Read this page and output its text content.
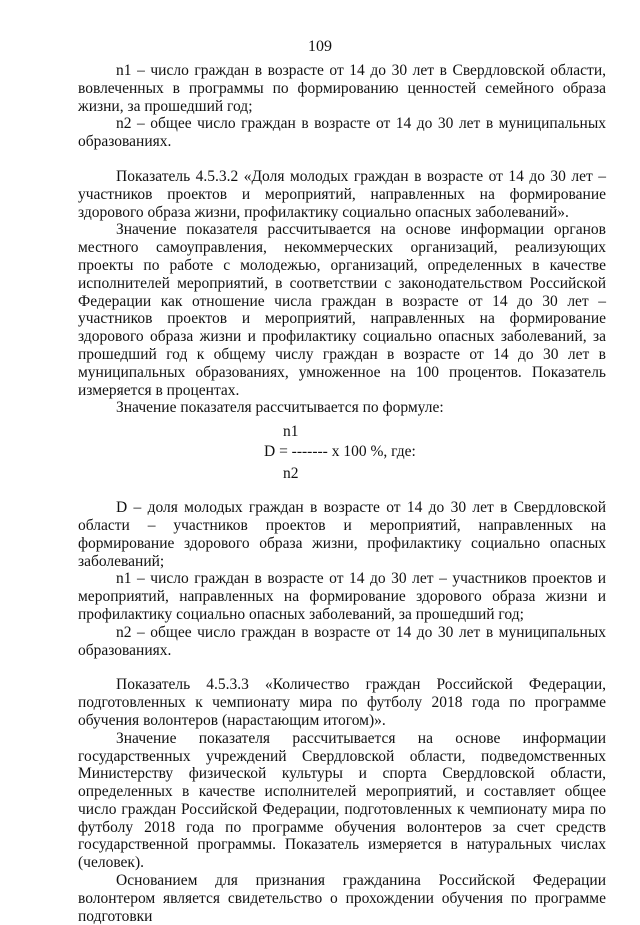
109

n1 – число граждан в возрасте от 14 до 30 лет в Свердловской области, вовлеченных в программы по формированию ценностей семейного образа жизни, за прошедший год;

n2 – общее число граждан в возрасте от 14 до 30 лет в муниципальных образованиях.

Показатель 4.5.3.2 «Доля молодых граждан в возрасте от 14 до 30 лет – участников проектов и мероприятий, направленных на формирование здорового образа жизни, профилактику социально опасных заболеваний».

Значение показателя рассчитывается на основе информации органов местного самоуправления, некоммерческих организаций, реализующих проекты по работе с молодежью, организаций, определенных в качестве исполнителей мероприятий, в соответствии с законодательством Российской Федерации как отношение числа граждан в возрасте от 14 до 30 лет – участников проектов и мероприятий, направленных на формирование здорового образа жизни и профилактику социально опасных заболеваний, за прошедший год к общему числу граждан в возрасте от 14 до 30 лет в муниципальных образованиях, умноженное на 100 процентов. Показатель измеряется в процентах.

Значение показателя рассчитывается по формуле:

n1
D = ------- x 100 %, где:
n2

D – доля молодых граждан в возрасте от 14 до 30 лет в Свердловской области – участников проектов и мероприятий, направленных на формирование здорового образа жизни, профилактику социально опасных заболеваний;

n1 – число граждан в возрасте от 14 до 30 лет – участников проектов и мероприятий, направленных на формирование здорового образа жизни и профилактику социально опасных заболеваний, за прошедший год;

n2 – общее число граждан в возрасте от 14 до 30 лет в муниципальных образованиях.

Показатель 4.5.3.3 «Количество граждан Российской Федерации, подготовленных к чемпионату мира по футболу 2018 года по программе обучения волонтеров (нарастающим итогом)».

Значение показателя рассчитывается на основе информации государственных учреждений Свердловской области, подведомственных Министерству физической культуры и спорта Свердловской области, определенных в качестве исполнителей мероприятий, и составляет общее число граждан Российской Федерации, подготовленных к чемпионату мира по футболу 2018 года по программе обучения волонтеров за счет средств государственной программы. Показатель измеряется в натуральных числах (человек).

Основанием для признания гражданина Российской Федерации волонтером является свидетельство о прохождении обучения по программе подготовки
